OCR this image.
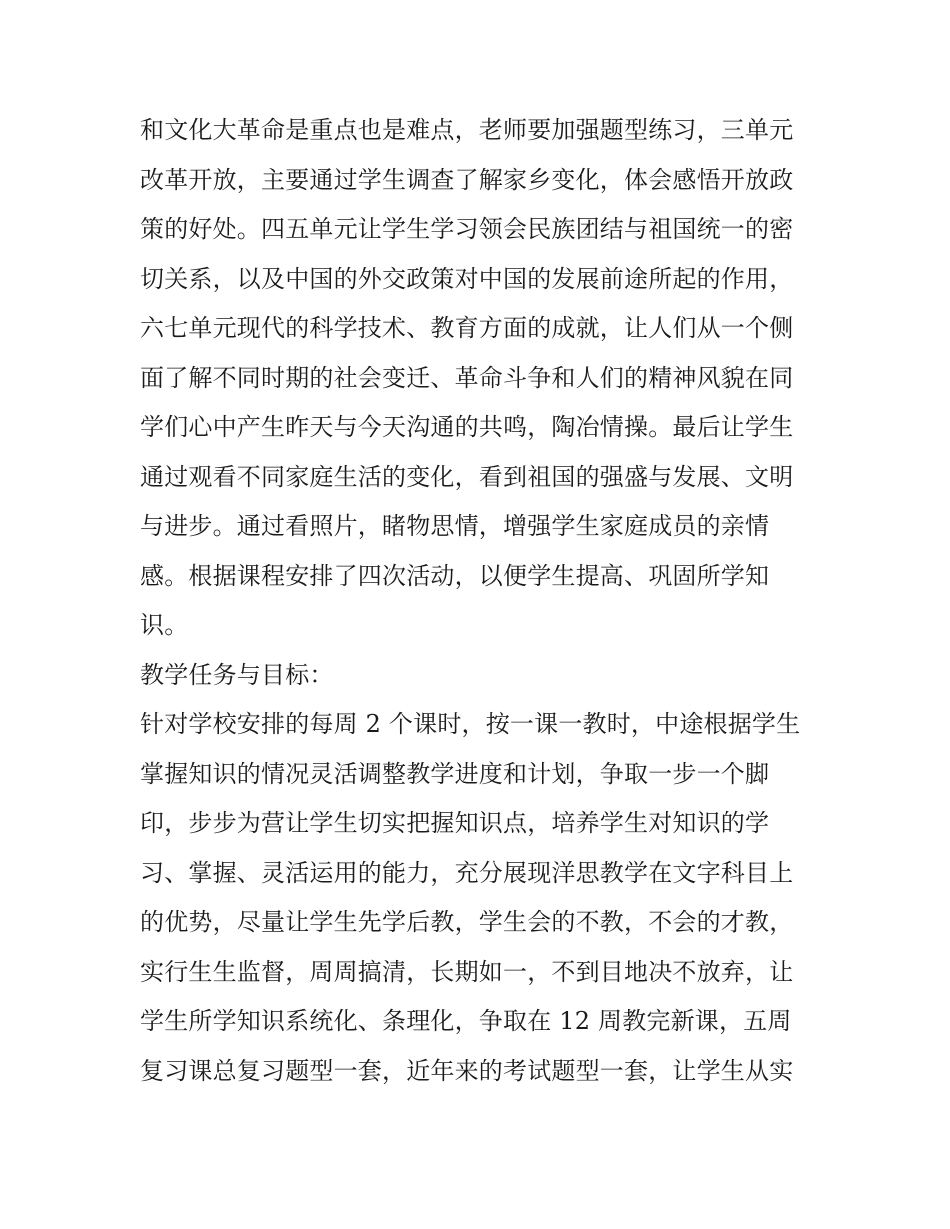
和文化大革命是重点也是难点，老师要加强题型练习，三单元
改革开放，主要通过学生调查了解家乡变化，体会感悟开放政
策的好处。四五单元让学生学习领会民族团结与祖国统一的密
切关系，以及中国的外交政策对中国的发展前途所起的作用，
六七单元现代的科学技术、教育方面的成就，让人们从一个侧
面了解不同时期的社会变迁、革命斗争和人们的精神风貌在同
学们心中产生昨天与今天沟通的共鸣，陶冶情操。最后让学生
通过观看不同家庭生活的变化，看到祖国的强盛与发展、文明
与进步。通过看照片，睹物思情，增强学生家庭成员的亲情
感。根据课程安排了四次活动，以便学生提高、巩固所学知
识。
教学任务与目标：
针对学校安排的每周 2 个课时，按一课一教时，中途根据学生
掌握知识的情况灵活调整教学进度和计划，争取一步一个脚
印，步步为营让学生切实把握知识点，培养学生对知识的学
习、掌握、灵活运用的能力，充分展现洋思教学在文字科目上
的优势，尽量让学生先学后教，学生会的不教，不会的才教，
实行生生监督，周周搞清，长期如一，不到目地决不放弃，让
学生所学知识系统化、条理化，争取在 12 周教完新课，五周
复习课总复习题型一套，近年来的考试题型一套，让学生从实
